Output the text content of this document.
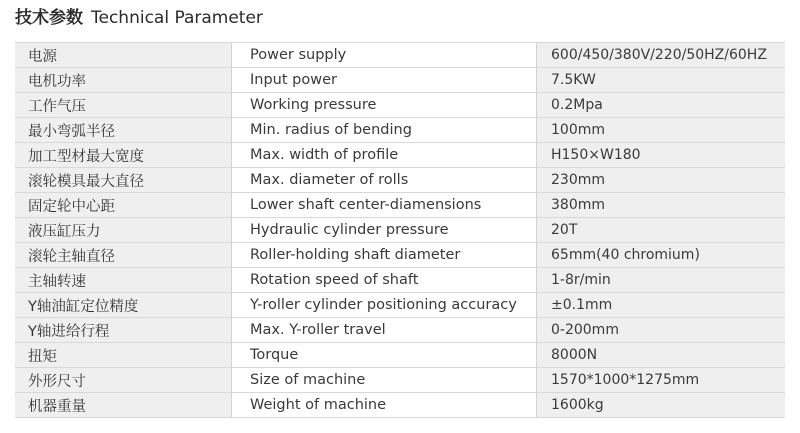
技术参数 Technical Parameter
电源	Power supply	600/450/380V/220/50HZ/60HZ
电机功率	Input power	7.5KW
工作气压	Working pressure	0.2Mpa
最小弯弧半径	Min. radius of bending	100mm
加工型材最大宽度	Max. width of profile	H150×W180
滚轮模具最大直径	Max. diameter of rolls	230mm
固定轮中心距	Lower shaft center-diamensions	380mm
液压缸压力	Hydraulic cylinder pressure	20T
滚轮主轴直径	Roller-holding shaft diameter	65mm(40 chromium)
主轴转速	Rotation speed of shaft	1-8r/min
Y轴油缸定位精度	Y-roller cylinder positioning accuracy	±0.1mm
Y轴进给行程	Max. Y-roller travel	0-200mm
扭矩	Torque	8000N
外形尺寸	Size of machine	1570*1000*1275mm
机器重量	Weight of machine	1600kg
